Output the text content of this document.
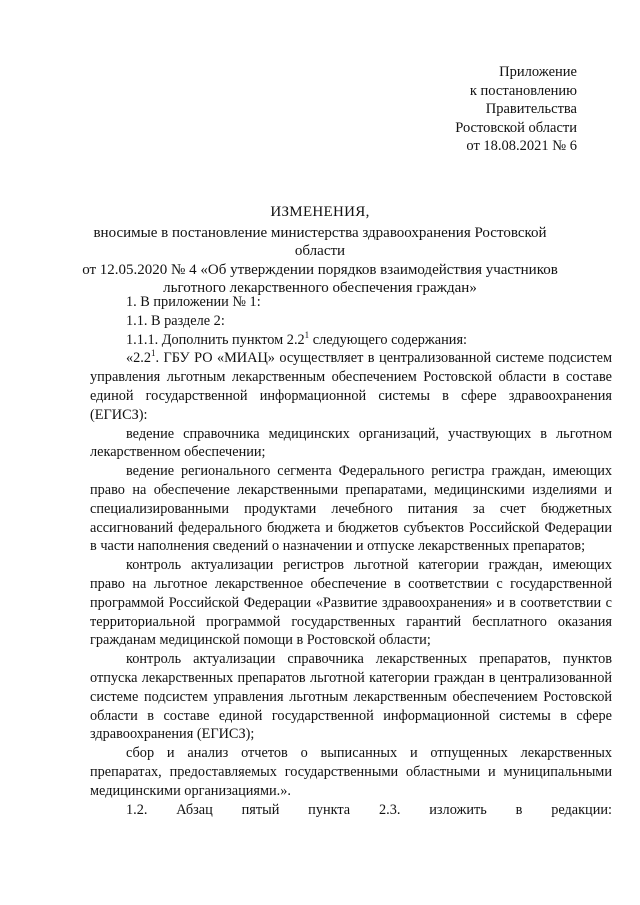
Приложение
к постановлению
Правительства
Ростовской области
от 18.08.2021 № 6
ИЗМЕНЕНИЯ,
вносимые в постановление министерства здравоохранения Ростовской области
от 12.05.2020 № 4 «Об утверждении порядков взаимодействия участников
льготного лекарственного обеспечения граждан»

1. В приложении № 1:

1.1. В разделе 2:

1.1.1. Дополнить пунктом $2.2^1$ следующего содержания:

«$2.2^1$. ГБУ РО «МИАЦ» осуществляет в централизованной системе подсистем управления льготным лекарственным обеспечением Ростовской области в составе единой государственной информационной системы в сфере здравоохранения (ЕГИСЗ):

ведение справочника медицинских организаций, участвующих в льготном лекарственном обеспечении;

ведение регионального сегмента Федерального регистра граждан, имеющих право на обеспечение лекарственными препаратами, медицинскими изделиями и специализированными продуктами лечебного питания за счет бюджетных ассигнований федерального бюджета и бюджетов субъектов Российской Федерации в части наполнения сведений о назначении и отпуске лекарственных препаратов;

контроль актуализации регистров льготной категории граждан, имеющих право на льготное лекарственное обеспечение в соответствии с государственной программой Российской Федерации «Развитие здравоохранения» и в соответствии с территориальной программой государственных гарантий бесплатного оказания гражданам медицинской помощи в Ростовской области;

контроль актуализации справочника лекарственных препаратов, пунктов отпуска лекарственных препаратов льготной категории граждан в централизованной системе подсистем управления льготным лекарственным обеспечением Ростовской области в составе единой государственной информационной системы в сфере здравоохранения (ЕГИСЗ);

сбор и анализ отчетов о выписанных и отпущенных лекарственных препаратах, предоставляемых государственными областными и муниципальными медицинскими организациями.».

1.2. Абзац пятый пункта 2.3. изложить в редакции:
